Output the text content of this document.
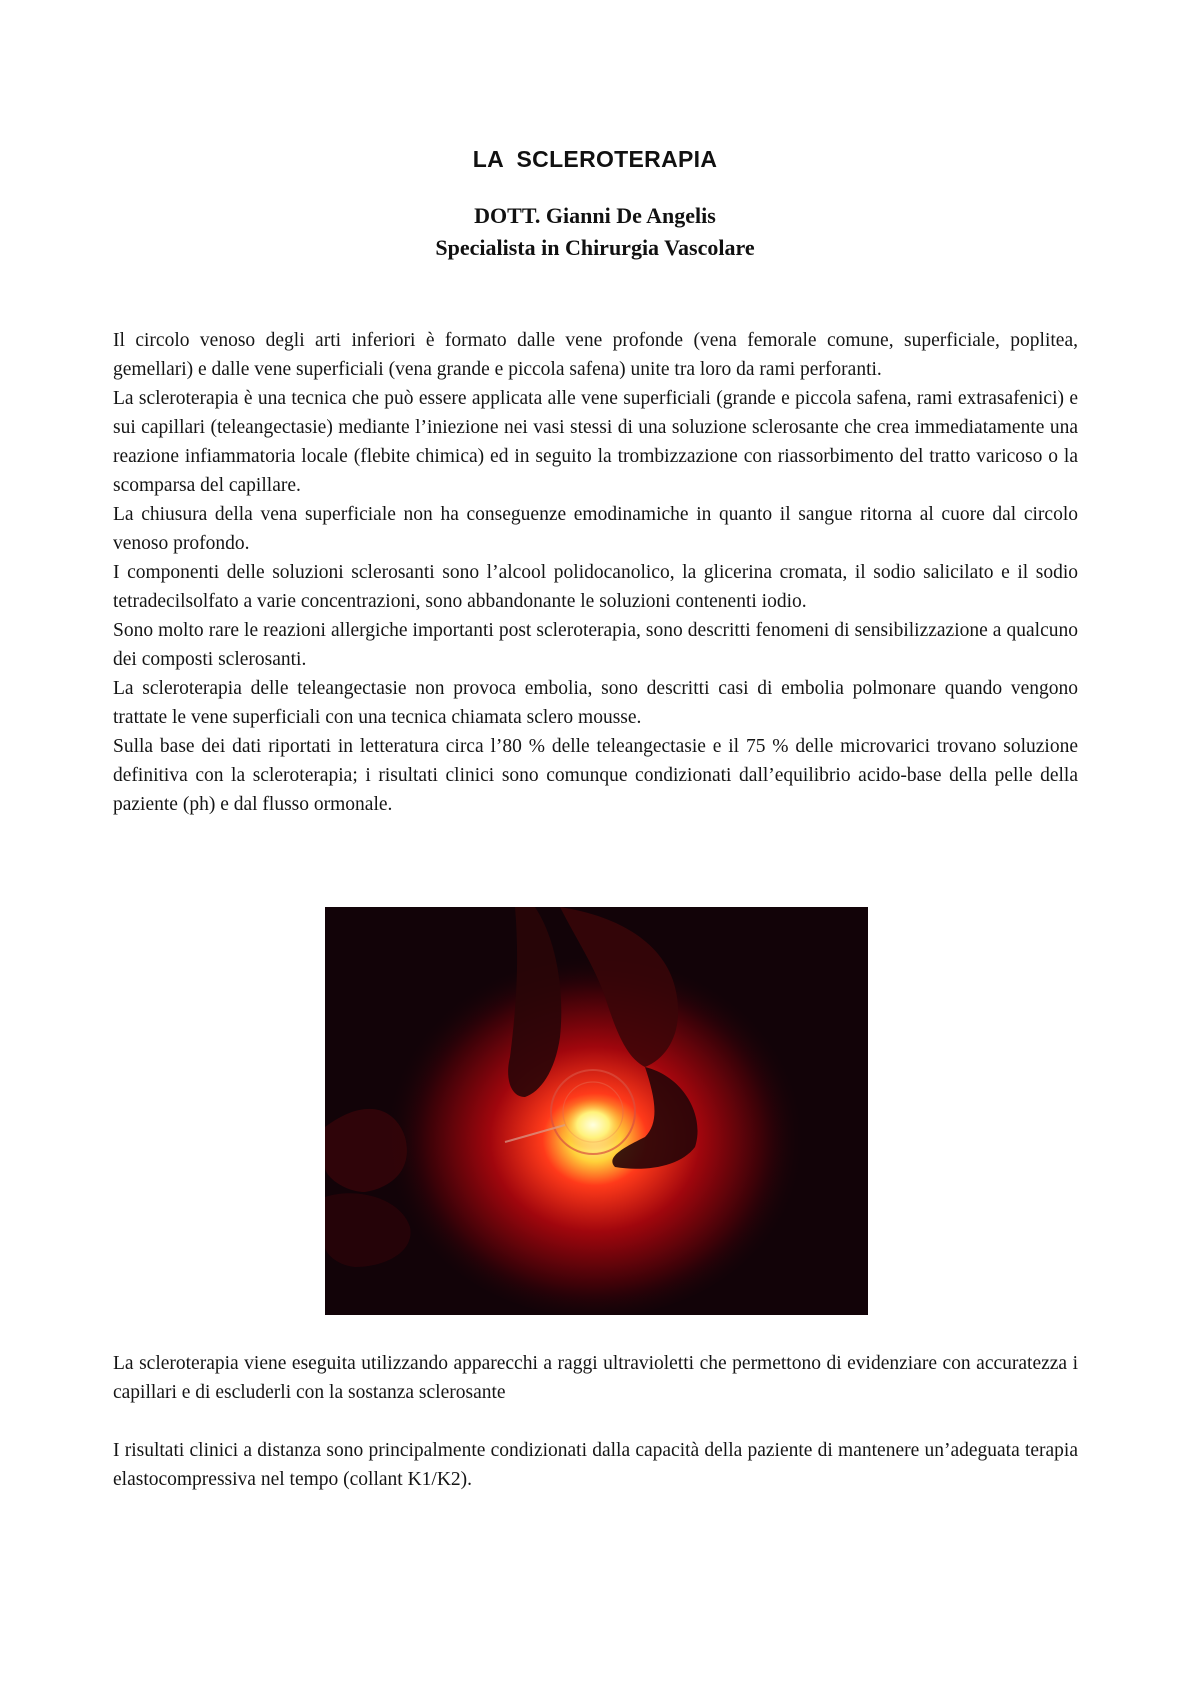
LA  SCLEROTERAPIA
DOTT. Gianni De Angelis
Specialista in Chirurgia Vascolare

Il circolo venoso degli arti inferiori è formato dalle vene profonde (vena femorale comune, superficiale, poplitea, gemellari) e dalle vene superficiali (vena grande e piccola safena) unite tra loro da rami perforanti.

La scleroterapia è una tecnica che può essere applicata alle vene superficiali (grande e piccola safena, rami extrasafenici) e sui capillari (teleangectasie) mediante l’iniezione nei vasi stessi di una soluzione sclerosante che crea immediatamente una reazione infiammatoria locale (flebite chimica) ed in seguito la trombizzazione con riassorbimento del tratto varicoso o la scomparsa del capillare.

La chiusura della vena superficiale non ha conseguenze emodinamiche in quanto il sangue ritorna al cuore dal circolo venoso profondo.

I componenti delle soluzioni sclerosanti sono l’alcool polidocanolico, la glicerina cromata, il sodio salicilato e il sodio tetradecilsolfato a varie concentrazioni, sono abbandonante le soluzioni contenenti iodio.

Sono molto rare le reazioni allergiche importanti post scleroterapia, sono descritti fenomeni di sensibilizzazione a qualcuno dei composti sclerosanti.

La scleroterapia delle teleangectasie non provoca embolia, sono descritti casi di embolia polmonare quando vengono trattate le vene superficiali con una tecnica chiamata sclero mousse.

Sulla base dei dati riportati in letteratura circa l’80 % delle teleangectasie e il 75 % delle microvarici trovano soluzione definitiva con la scleroterapia; i risultati clinici sono comunque condizionati dall’equilibrio acido-base della pelle della paziente (ph) e dal flusso ormonale.

La scleroterapia viene eseguita utilizzando apparecchi a raggi ultravioletti che permettono di evidenziare con accuratezza i capillari e di escluderli con la sostanza sclerosante

I risultati clinici a distanza sono principalmente condizionati dalla capacità della paziente di mantenere un’adeguata terapia elastocompressiva nel tempo (collant K1/K2).
